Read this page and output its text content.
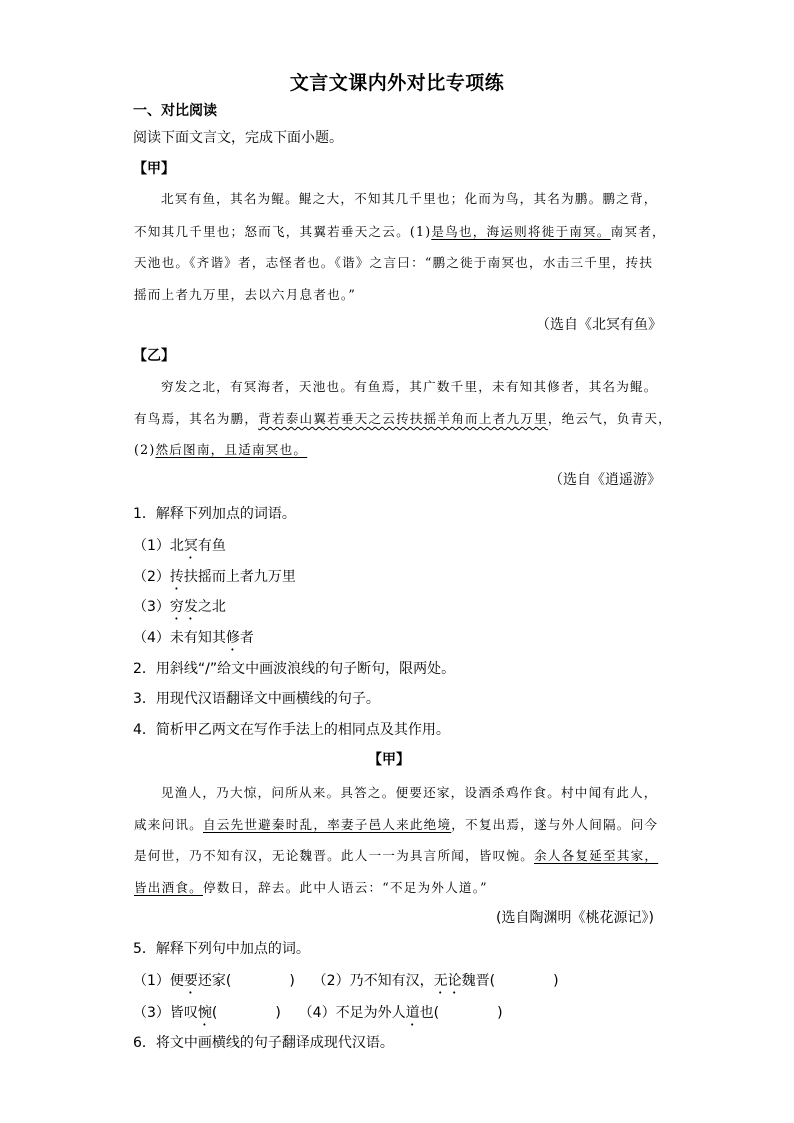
文言文课内外对比专项练
一、对比阅读
阅读下面文言文，完成下面小题。
【甲】
北冥有鱼，其名为鲲。鲲之大，不知其几千里也；化而为鸟，其名为鹏。鹏之背，
不知其几千里也；怒而飞，其翼若垂天之云。(1)是鸟也，海运则将徙于南冥。南冥者，
天池也。《齐谐》者，志怪者也。《谐》之言曰：“鹏之徙于南冥也，水击三千里，抟扶
摇而上者九万里，去以六月息者也。”
（选自《北冥有鱼》
【乙】
穷发之北，有冥海者，天池也。有鱼焉，其广数千里，未有知其修者，其名为鲲。
有鸟焉，其名为鹏，背若泰山翼若垂天之云抟扶摇羊角而上者九万里，绝云气，负青天，
(2)然后图南，且适南冥也。
（选自《逍遥游》
1．解释下列加点的词语。
（1）北冥有鱼
（2）抟扶摇而上者九万里
（3）穷发之北
（4）未有知其修者
2．用斜线“/”给文中画波浪线的句子断句，限两处。
3．用现代汉语翻译文中画横线的句子。
4．简析甲乙两文在写作手法上的相同点及其作用。
【甲】
见渔人，乃大惊，问所从来。具答之。便要还家，设酒杀鸡作食。村中闻有此人，
咸来问讯。自云先世避秦时乱，率妻子邑人来此绝境，不复出焉，遂与外人间隔。问今
是何世，乃不知有汉，无论魏晋。此人一一为具言所闻，皆叹惋。余人各复延至其家，
皆出酒食。停数日，辞去。此中人语云：“不足为外人道。”
(选自陶渊明《桃花源记》)
5．解释下列句中加点的词。
（1）便要还家(	) （2）乃不知有汉，无论魏晋(	)
（3）皆叹惋(	) （4）不足为外人道也(	)
6．将文中画横线的句子翻译成现代汉语。
